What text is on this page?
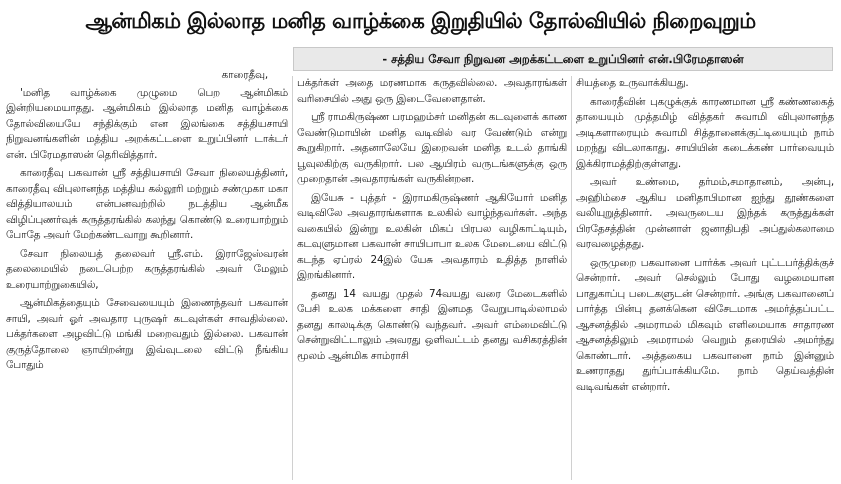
ஆன்மிகம் இல்லாத மனித வாழ்க்கை இறுதியில் தோல்வியில் நிறைவுறும்
- சத்திய சேவா நிறுவன அறக்கட்டளை உறுப்பினர் என்.பிரேமதாஸன்

காரைதீவு,

'மனித வாழ்க்கை முழுமை பெற ஆன்மிகம் இன்றியமையாதது. ஆன்மிகம் இல்லாத மனித வாழ்க்கை தோல்வியையே சந்திக்கும் என இலங்கை சத்தியசாயி நிறுவனங்களின் மத்திய அறக்கட்டளை உறுப்பினர் டாக்டர் என். பிரேமதாஸன் தெரிவித்தார்.

காரைதீவு பகவான் ஸ்ரீ சத்தியசாயி சேவா நிலையத்தினர், காரைதீவு விபுலானந்த மத்திய கல்லூரி மற்றும் சண்முகா மகா வித்தியாலயம் என்பனவற்றில் நடத்திய ஆன்மீக விழிப்புணர்வுக் கருத்தரங்கில் கலந்து கொண்டு உரையாற்றும் போதே அவர் மேற்கண்டவாறு கூறினார்.

சேவா நிலையத் தலைவர் ஸ்ரீ.எம். இராஜேஸ்வரன் தலைமையில் நடைபெற்ற கருத்தரங்கில் அவர் மேலும் உரையாற்றுகையில்,

ஆன்மிகத்தையும் சேவையையும் இணைந்தவர் பகவான் சாயி, அவர் ஓர் அவதார புருஷர் கடவுள்கள் சாவதில்லை. பக்தர்களை அழவிட்டு மங்கி மறைவதும் இல்லை. பகவான் குருத்தோலை ஞாயிறன்று இவ்வுடலை விட்டு நீங்கிய போதும்

பக்தர்கள் அதை மரணமாக கருதவில்லை. அவதாரங்கள் வரிசையில் அது ஒரு இடைவேளைதான்.

ஸ்ரீ ராமகிருஷ்ண பரமஹம்சர் மனிதன் கடவுளைக் காண வேண்டுமாயின் மனித வடிவில் வர வேண்டும் என்று கூறுகிறார். அதனாலேயே இறைவன் மனித உடல் தாங்கி பூவுலகிற்கு வருகிறார். பல ஆயிரம் வருடங்களுக்கு ஒரு முறைதான் அவதாரங்கள் வருகின்றன.

இயேசு - புத்தர் - இராமகிருஷ்ணர் ஆகியோர் மனித வடிவிலே அவதாரங்களாக உலகில் வாழ்ந்தவர்கள். அந்த வகையில் இன்று உலகின் மிகப் பிரபல வழிகாட்டியும், கடவுளுமான பகவான் சாயிபாபா உலக மேடையை விட்டு கடந்த ஏப்ரல் 24இல் யேசு அவதாரம் உதித்த நாளில் இறங்கினார்.

தனது 14 வயது முதல் 74வயது வரை மேடைகளில் பேசி உலக மக்களை சாதி இனமத வேறுபாடில்லாமல் தனது காலடிக்கு கொண்டு வந்தவர். அவர் எம்மைவிட்டு சென்றுவிட்டாலும் அவரது ஒளிவட்டம் தனது வசிகரத்தின் மூலம் ஆன்மிக சாம்ராசி

சியத்தை உருவாக்கியது.

காரைதீவின் புகழுக்குக் காரணமான ஸ்ரீ கண்ணகைத் தாயையும் முத்தமிழ் வித்தகர் சுவாமி விபுலானந்த அடிகளாரையும் சுவாமி சித்தானைக்குட்டியையும் நாம் மறந்து விடலாகாது. சாயியின் கடைக்கண் பார்வையும் இக்கிராமத்திற்குள்ளது.

அவர் உண்மை, தர்மம்,சமாதானம், அன்பு, அஹிம்சை ஆகிய மனிதாபிமான ஐந்து தூண்களை வலியுறுத்தினார். அவருடைய இந்தக் கருத்துக்கள் பிரதேசத்தின் முன்னாள் ஜனாதிபதி அப்துல்கலாமை வரவழைத்தது.

ஒருமுறை பகவானை பார்க்க அவர் புட்டபர்த்திக்குச் சென்றார். அவர் செல்லும் போது வழமையான பாதுகாப்பு படைகளுடன் சென்றார். அங்கு பகவானைப் பார்த்த பின்பு தனக்கென விசேடமாக அமர்த்தப்பட்ட ஆசனத்தில் அமராமல் மிகவும் எளிமையாக சாதாரண ஆசனத்திலும் அமராமல் வெறும் தரையில் அமர்ந்து கொண்டார். அத்தகைய பகவானை நாம் இன்னும் உணராதது துர்ப்பாக்கியமே. நாம் தெய்வத்தின் வடிவங்கள் என்றார்.
